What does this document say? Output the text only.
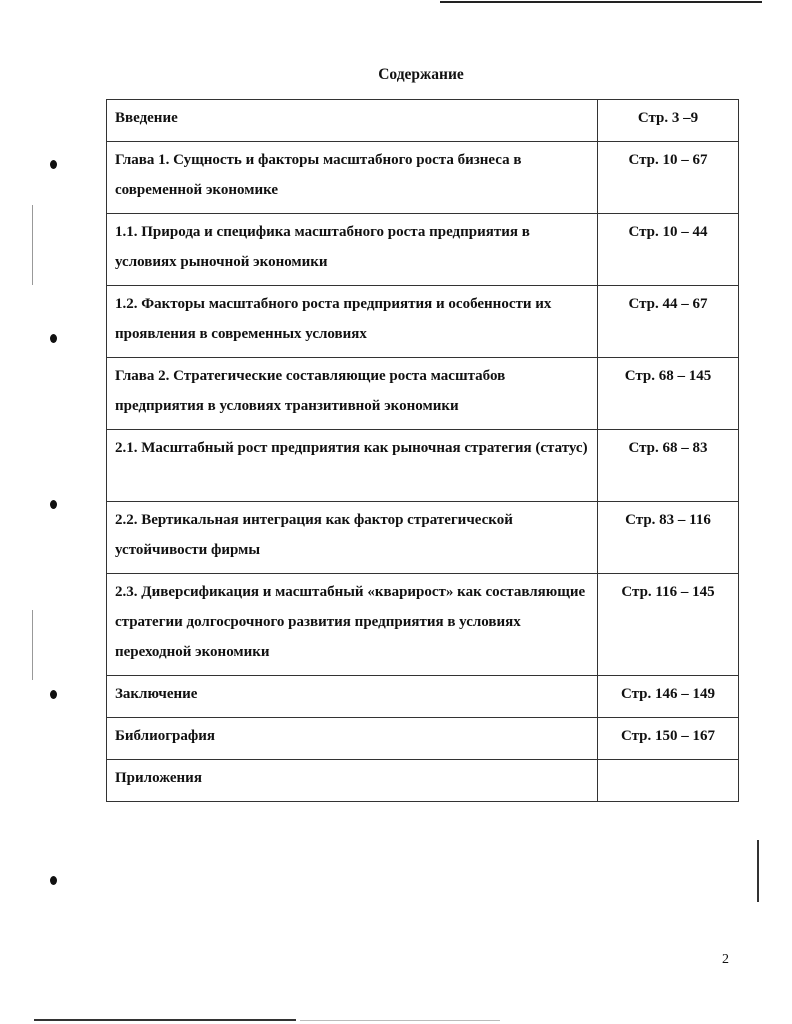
Содержание
Введение	Стр. 3 –9
Глава 1. Сущность и факторы масштабного роста бизнеса в современной экономике	Стр. 10 – 67
1.1. Природа и специфика масштабного роста предприятия в условиях рыночной экономики	Стр. 10 – 44
1.2. Факторы масштабного роста предприятия и особенности их проявления в современных условиях	Стр. 44 – 67
Глава 2. Стратегические составляющие роста масштабов предприятия в условиях транзитивной экономики	Стр. 68 – 145
2.1. Масштабный рост предприятия как рыночная стратегия (статус)	Стр. 68 – 83
2.2. Вертикальная интеграция как фактор стратегической устойчивости фирмы	Стр. 83 – 116
2.3. Диверсификация и масштабный «кварирост» как составляющие стратегии долгосрочного развития предприятия в условиях переходной экономики	Стр. 116 – 145
Заключение	Стр. 146 – 149
Библиография	Стр. 150 – 167
Приложения	
2
